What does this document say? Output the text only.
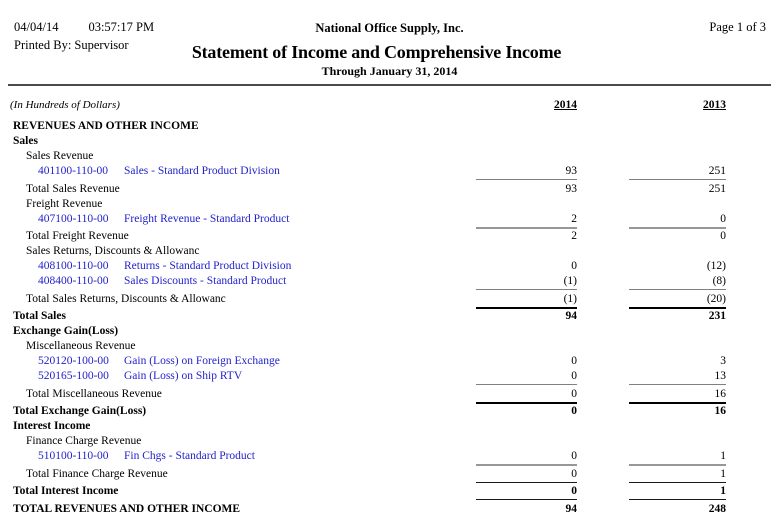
04/04/14 03:57:17 PM
Printed By: Supervisor
National Office Supply, Inc.
Statement of Income and Comprehensive Income
Through January 31, 2014
Page 1 of 3
(In Hundreds of Dollars)	2014	2013
REVENUES AND OTHER INCOME
Sales
Sales Revenue
401100-110-00 Sales - Standard Product Division	93	251
Total Sales Revenue	93	251
Freight Revenue
407100-110-00 Freight Revenue - Standard Product	2	0
Total Freight Revenue	2	0
Sales Returns, Discounts & Allowanc
408100-110-00 Returns - Standard Product Division	0	(12)
408400-110-00 Sales Discounts - Standard Product	(1)	(8)
Total Sales Returns, Discounts & Allowanc	(1)	(20)
Total Sales	94	231
Exchange Gain(Loss)
Miscellaneous Revenue
520120-100-00 Gain (Loss) on Foreign Exchange	0	3
520165-100-00 Gain (Loss) on Ship RTV	0	13
Total Miscellaneous Revenue	0	16
Total Exchange Gain(Loss)	0	16
Interest Income
Finance Charge Revenue
510100-110-00 Fin Chgs - Standard Product	0	1
Total Finance Charge Revenue	0	1
Total Interest Income	0	1
TOTAL REVENUES AND OTHER INCOME	94	248
